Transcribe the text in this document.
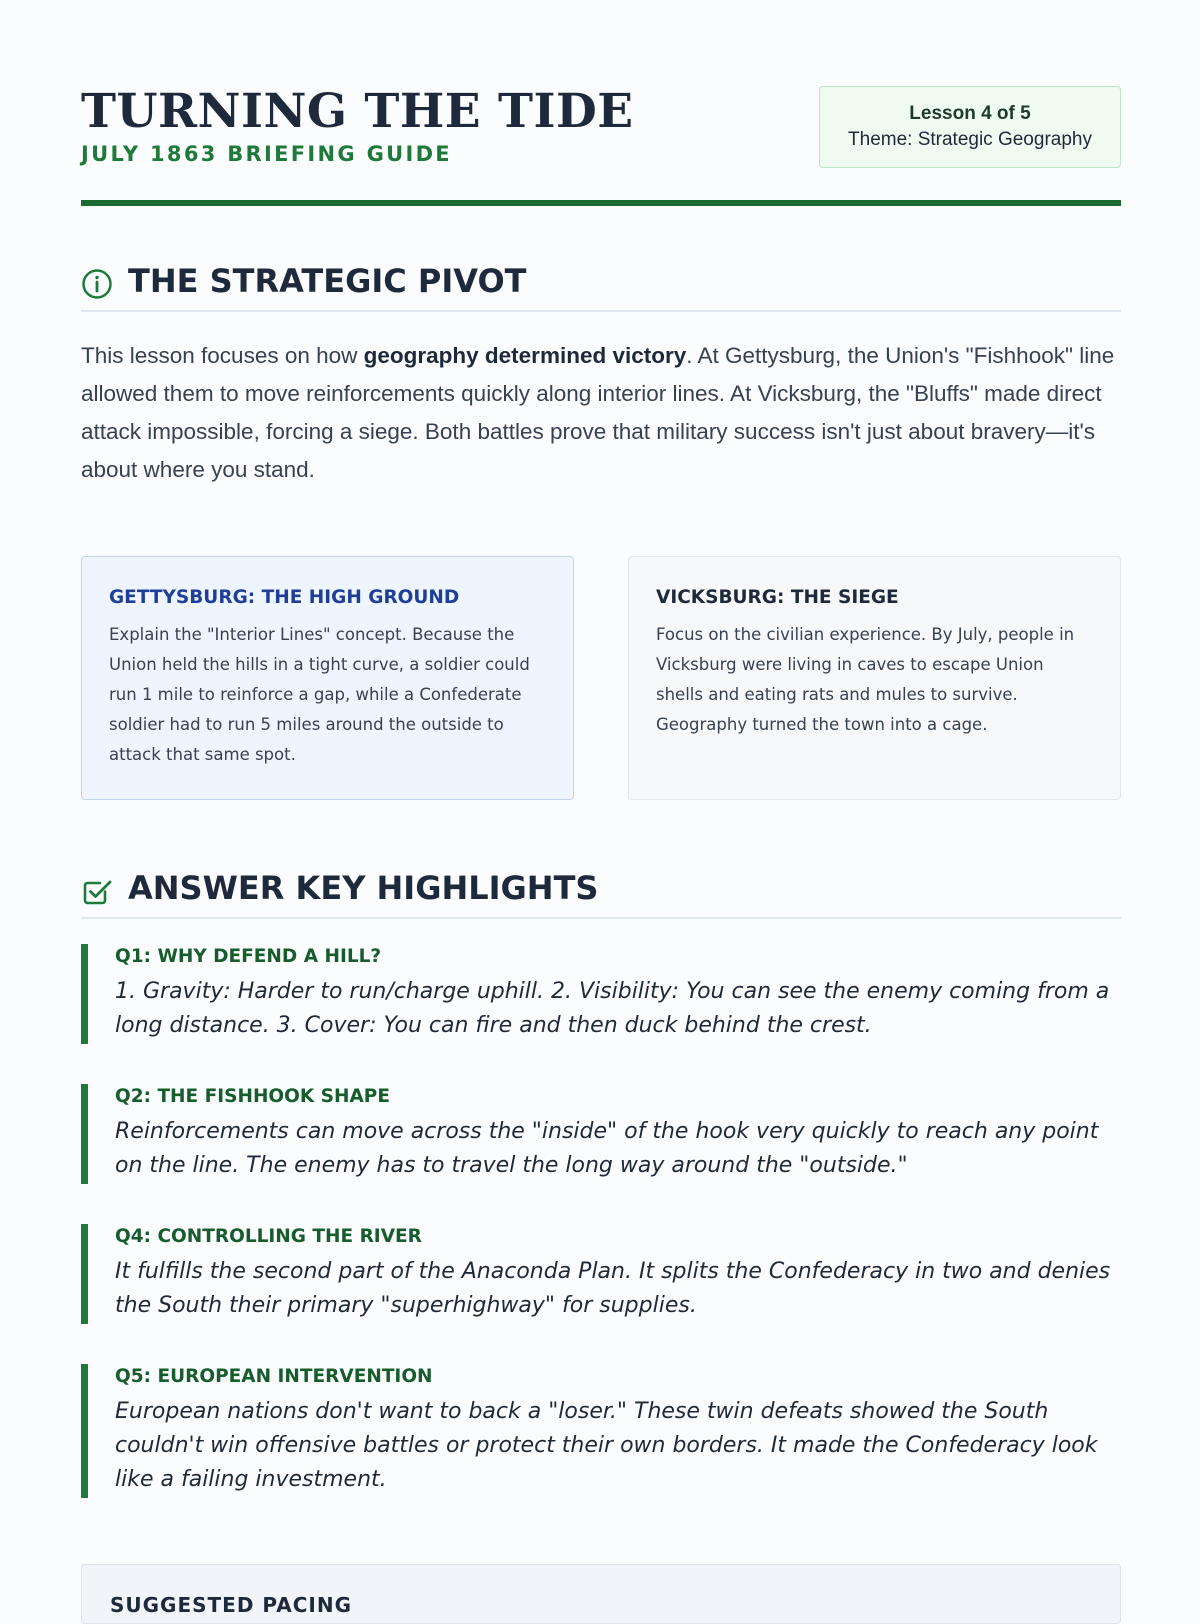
TURNING THE TIDE
JULY 1863 BRIEFING GUIDE
Lesson 4 of 5
Theme: Strategic Geography
THE STRATEGIC PIVOT

This lesson focuses on how geography determined victory. At Gettysburg, the Union's "Fishhook" line allowed them to move reinforcements quickly along interior lines. At Vicksburg, the "Bluffs" made direct attack impossible, forcing a siege. Both battles prove that military success isn't just about bravery—it's about where you stand.

GETTYSBURG: THE HIGH GROUND

Explain the "Interior Lines" concept. Because the Union held the hills in a tight curve, a soldier could run 1 mile to reinforce a gap, while a Confederate soldier had to run 5 miles around the outside to attack that same spot.

VICKSBURG: THE SIEGE

Focus on the civilian experience. By July, people in Vicksburg were living in caves to escape Union shells and eating rats and mules to survive. Geography turned the town into a cage.

ANSWER KEY HIGHLIGHTS
Q1: WHY DEFEND A HILL?
1. Gravity: Harder to run/charge uphill. 2. Visibility: You can see the enemy coming from a long distance. 3. Cover: You can fire and then duck behind the crest.
Q2: THE FISHHOOK SHAPE
Reinforcements can move across the "inside" of the hook very quickly to reach any point on the line. The enemy has to travel the long way around the "outside."
Q4: CONTROLLING THE RIVER
It fulfills the second part of the Anaconda Plan. It splits the Confederacy in two and denies the South their primary "superhighway" for supplies.
Q5: EUROPEAN INTERVENTION
European nations don't want to back a "loser." These twin defeats showed the South couldn't win offensive battles or protect their own borders. It made the Confederacy look like a failing investment.
SUGGESTED PACING
